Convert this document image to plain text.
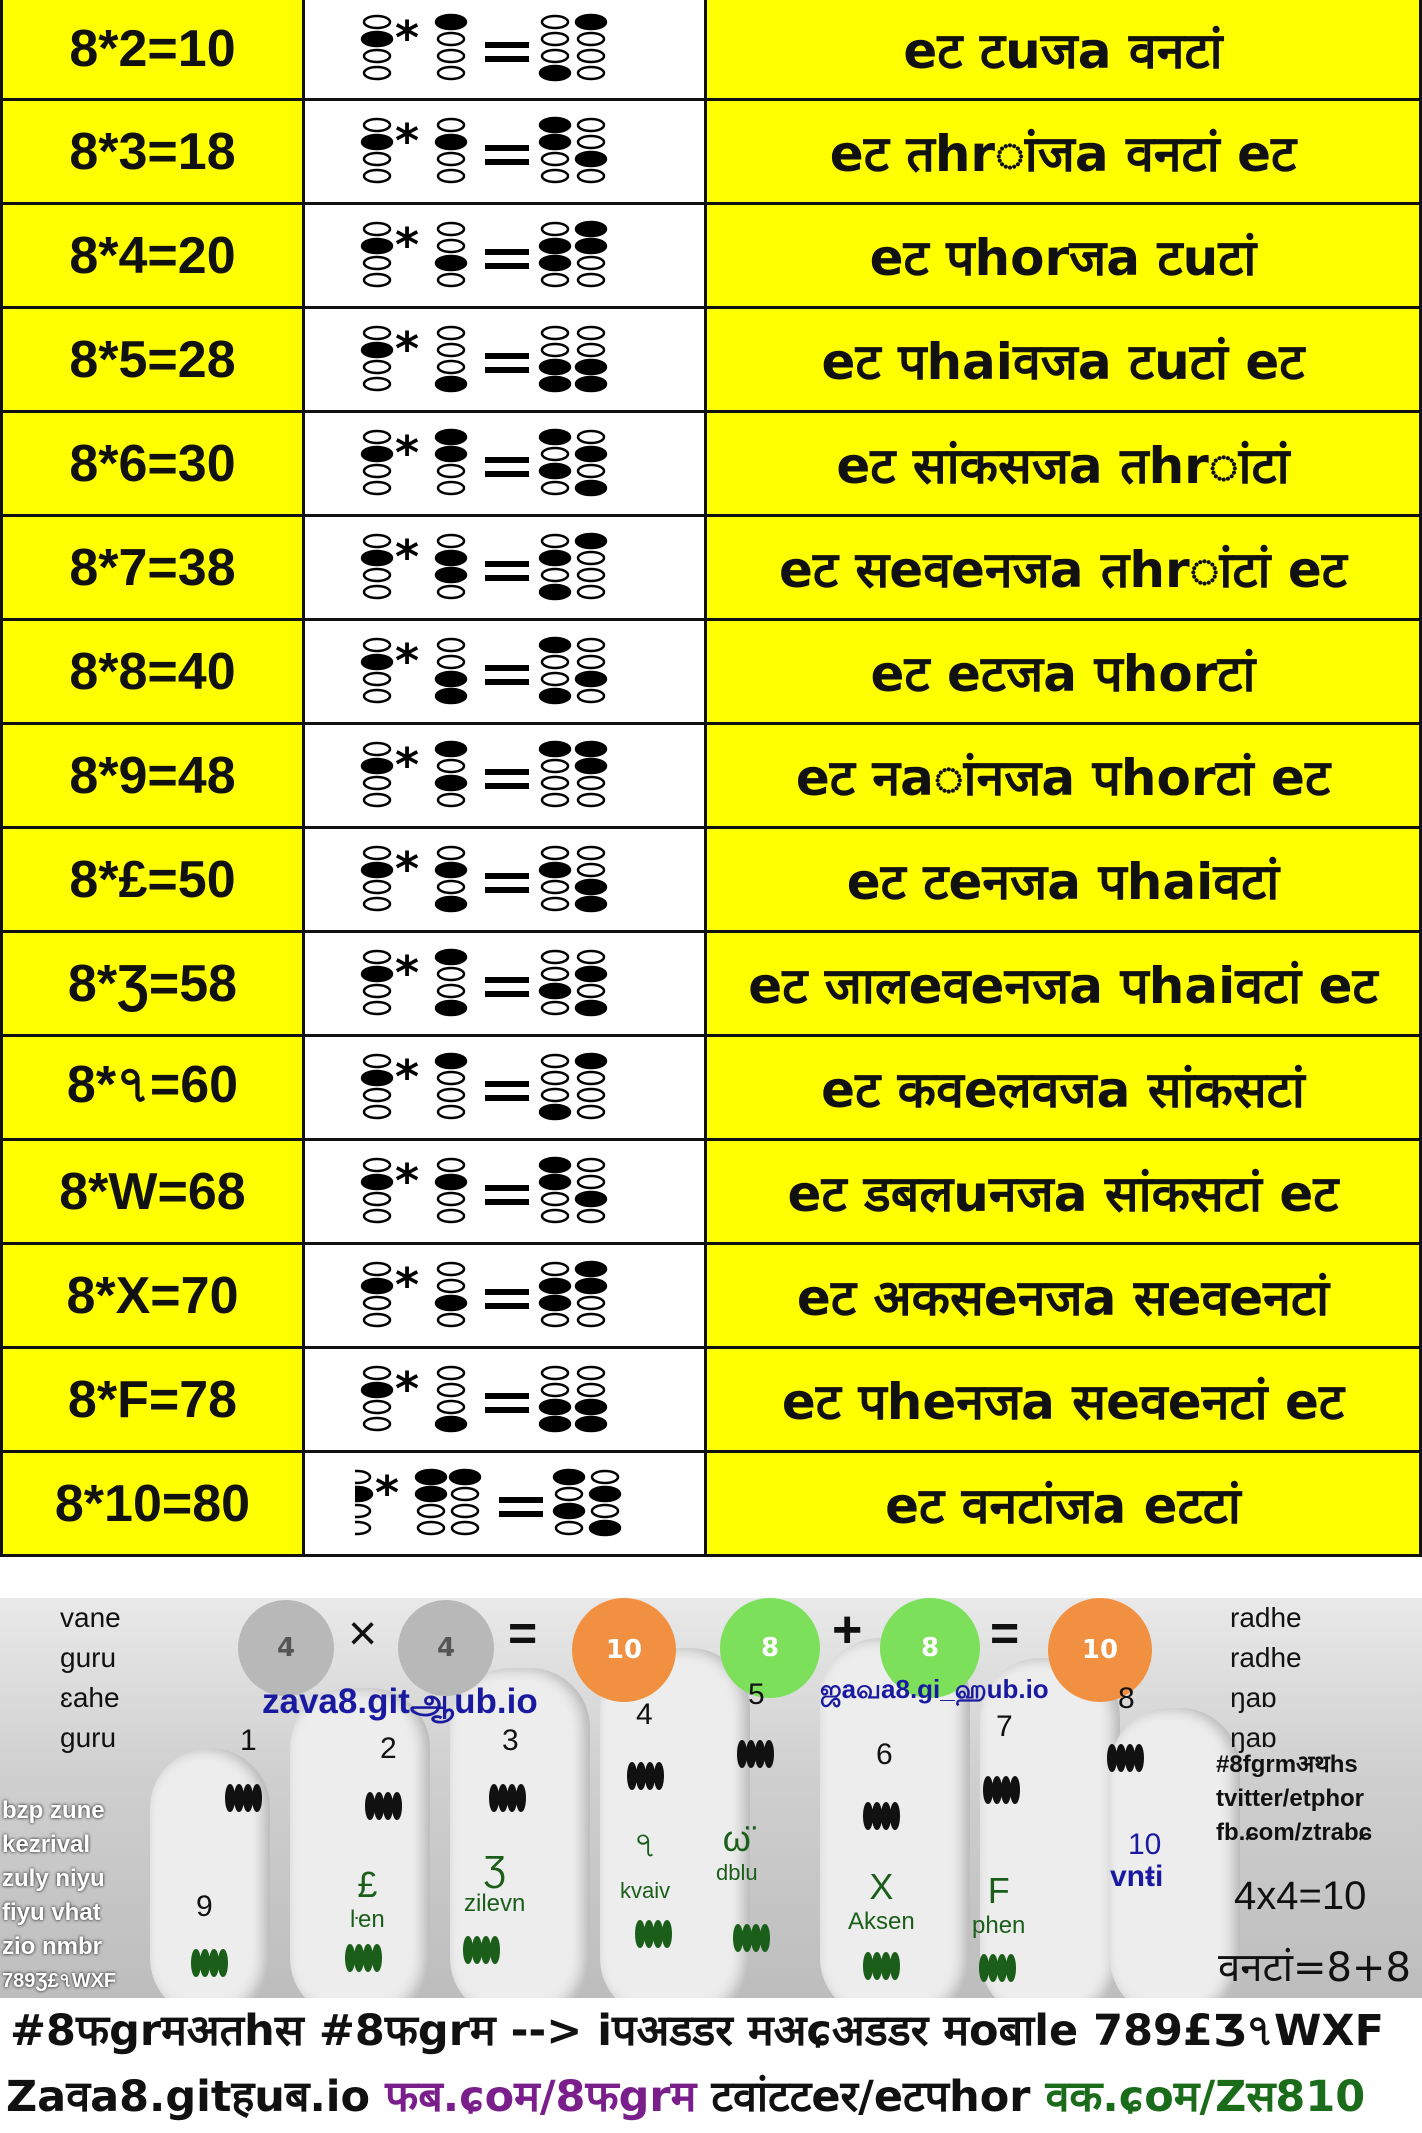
8*2=10	*	eट टuजa वनटां
8*3=18	*	eट तhrांजa वनटां eट
8*4=20	*	eट पhorजa टuटां
8*5=28	*	eट पhaiवजa टuटां eट
8*6=30	*	eट सांकसजa तhrांटां
8*7=38	*	eट सeवeनजa तhrांटां eट
8*8=40	*	eट eटजa पhorटां
8*9=48	*	eट नaांनजa पhorटां eट
8*£=50	*	eट टeनजa पhaiवटां
8*Ʒ=58	*	eट जालeवeनजa पhaiवटां eट
8*৭=60	*	eट कवeलवजa सांकसटां
8*W=68	*	eट डबलuनजa सांकसटां eट
8*X=70	*	eट अकसeनजa सeवeनटां
8*F=78	*	eट पheनजa सeवeनटां eट
8*10=80	*	eट वनटांजa eटटां
vane
guru
ɛahe
guru
radhe
radhe
ŋaɒ
ŋaɒ
4	×	4	=	10	8	+	8	=	10
zava8.gitஆub.io	ஜaவa8.gi_ஹub.io
1	2	3
4
5
6
7
8
9
10
£
ŀen
Ʒ
zilevn
৭
kvaiv
ω̈
dblu	X
Aksen
F
phen
vnŧi
bzp zune
kezrival
zuly niyu
fiyu vhat
zio nmbr
789Ʒ£৭WXF
#8fgrmअथhs
tvitter/etphor
fb.ɕom/ztrabɕ
4x4=10
वनटां=8+8
#8फgrमअतhस #8फgrम --> iपअडडर मअɕअडडर मoबाle 789£Ʒ৭WXF
Zaवa8.gitहuब.io फब.ɕoम/8फgrम टवांटटeर/eटपhor वक.ɕoम/Zस810
